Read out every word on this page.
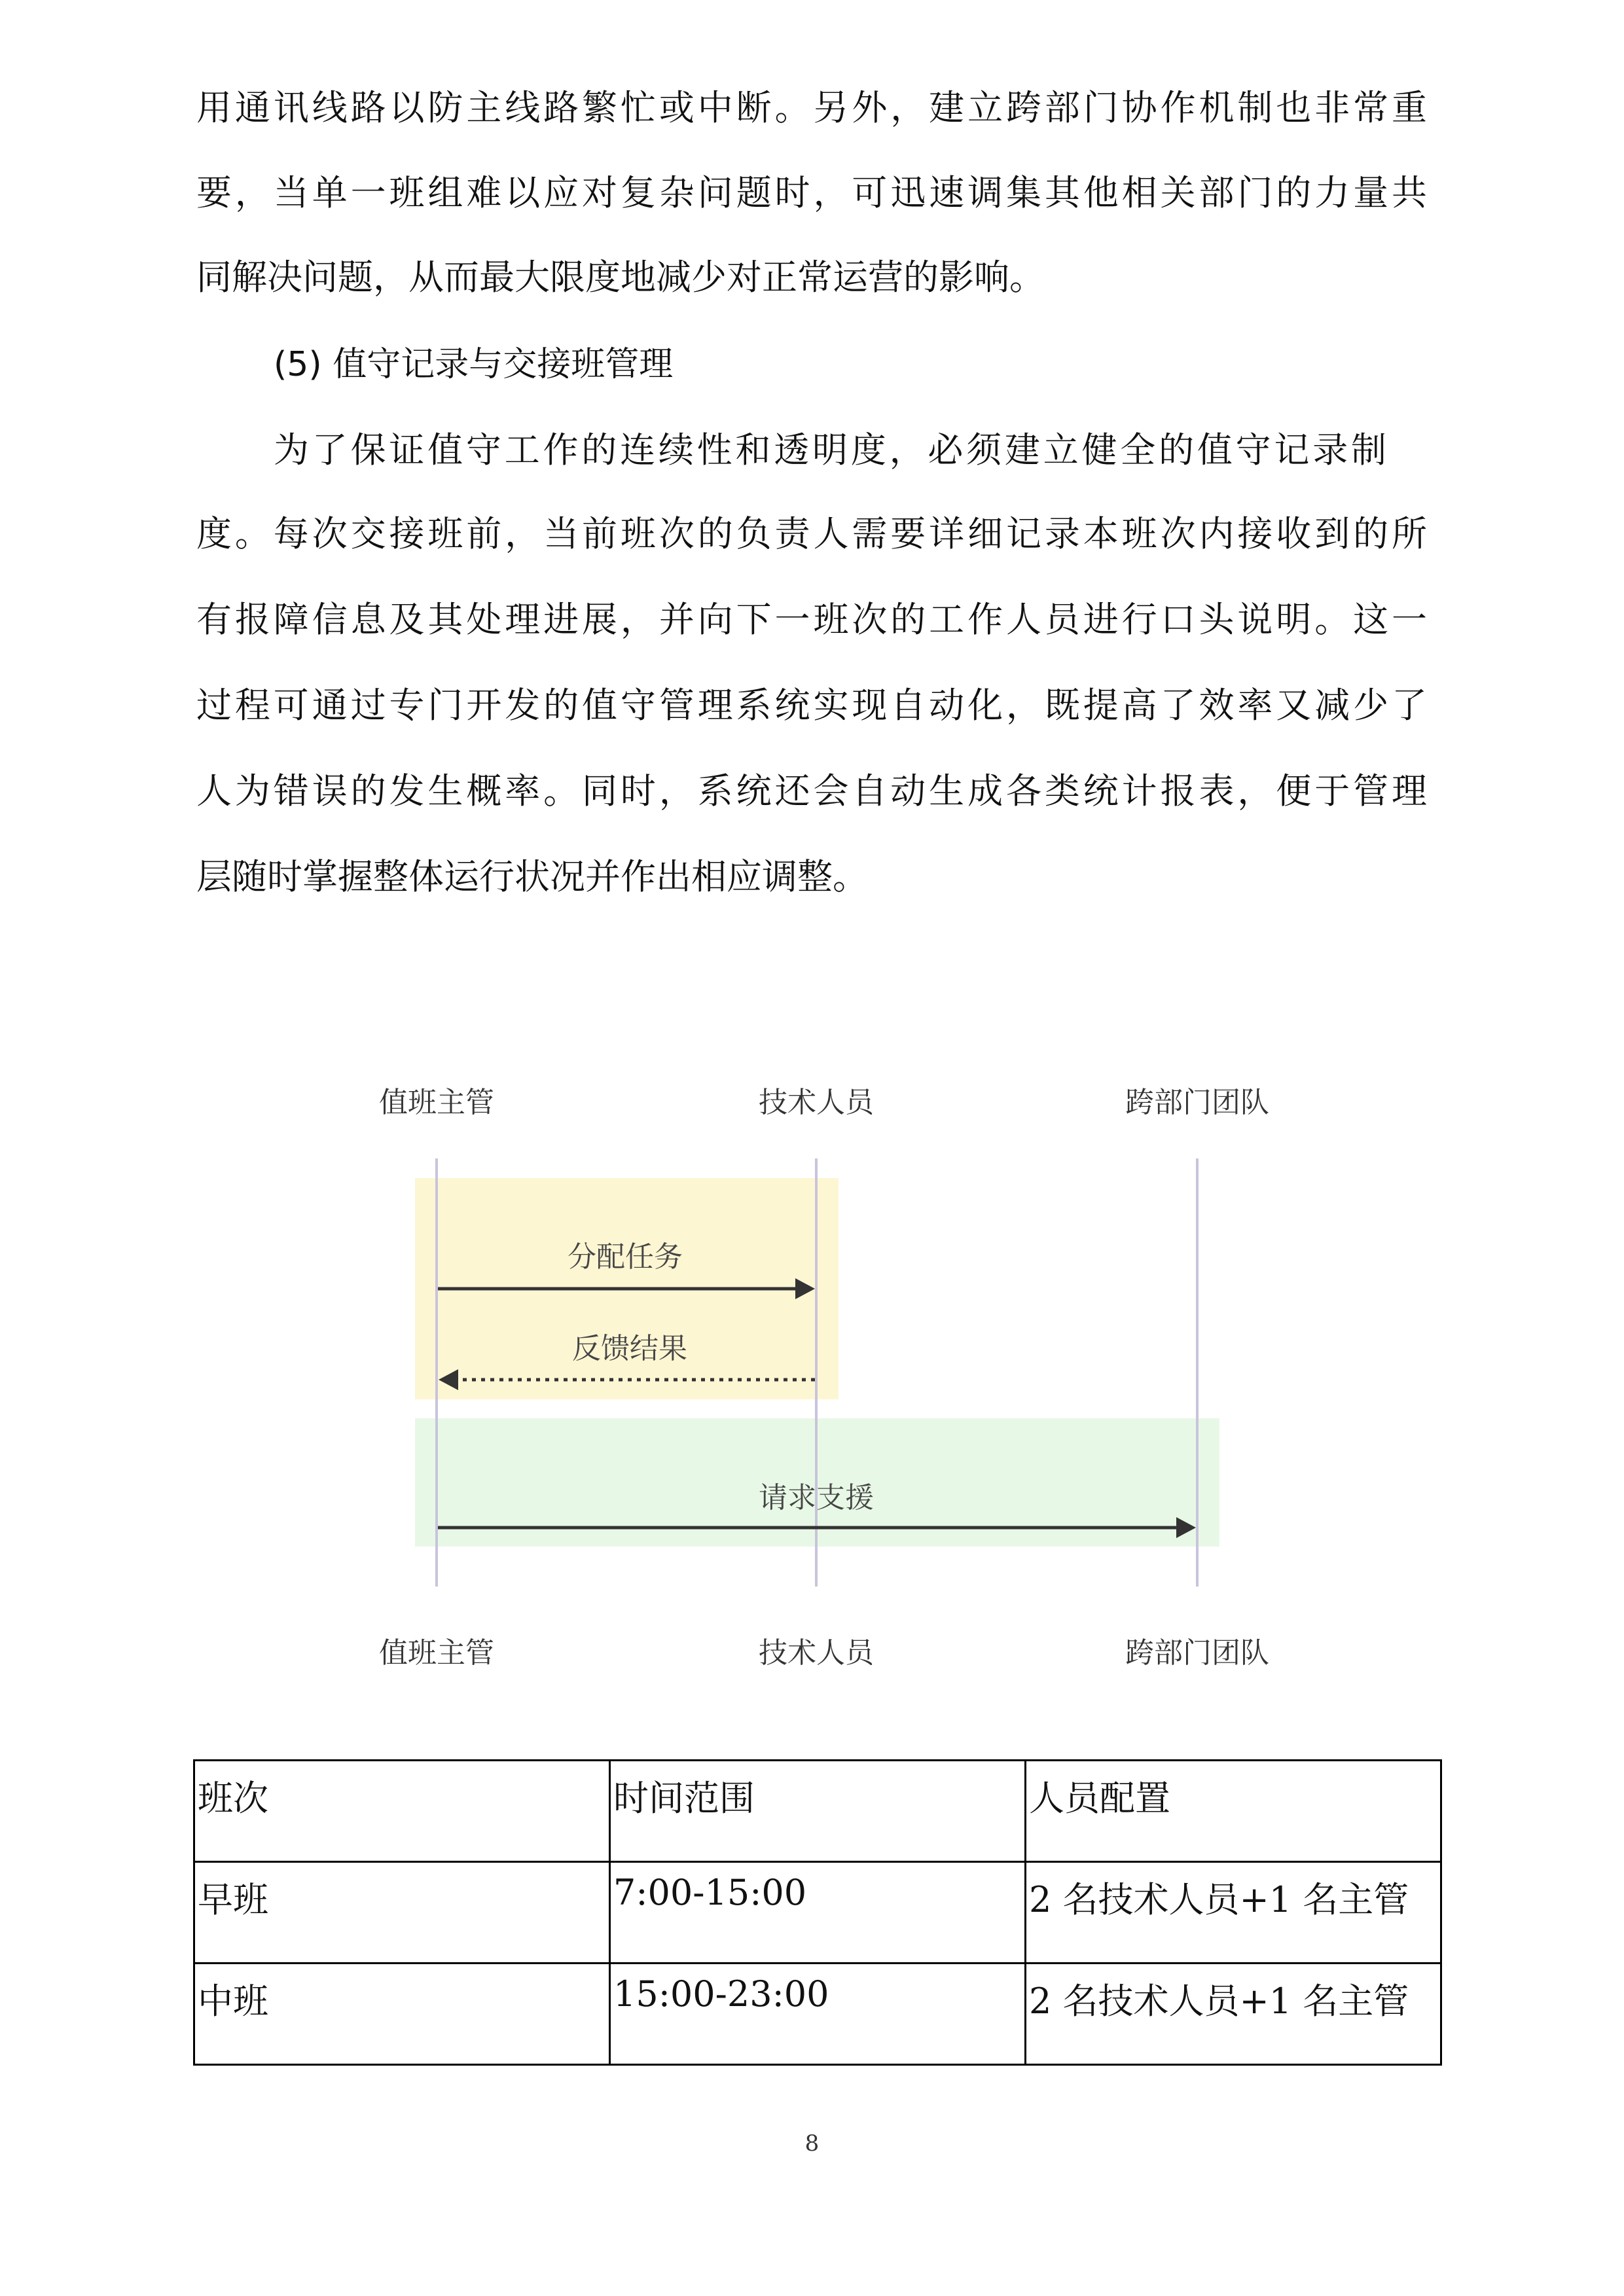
用通讯线路以防主线路繁忙或中断。另外，建立跨部门协作机制也非常重
要，当单一班组难以应对复杂问题时，可迅速调集其他相关部门的力量共
同解决问题，从而最大限度地减少对正常运营的影响。
(5) 值守记录与交接班管理
为了保证值守工作的连续性和透明度，必须建立健全的值守记录制
度。每次交接班前，当前班次的负责人需要详细记录本班次内接收到的所
有报障信息及其处理进展，并向下一班次的工作人员进行口头说明。这一
过程可通过专门开发的值守管理系统实现自动化，既提高了效率又减少了
人为错误的发生概率。同时，系统还会自动生成各类统计报表，便于管理
层随时掌握整体运行状况并作出相应调整。
值班主管	技术人员	跨部门团队
分配任务
反馈结果
请求支援
值班主管	技术人员	跨部门团队
班次	时间范围	人员配置
早班	7:00-15:00	2 名技术人员+1 名主管
中班	15:00-23:00	2 名技术人员+1 名主管
8
